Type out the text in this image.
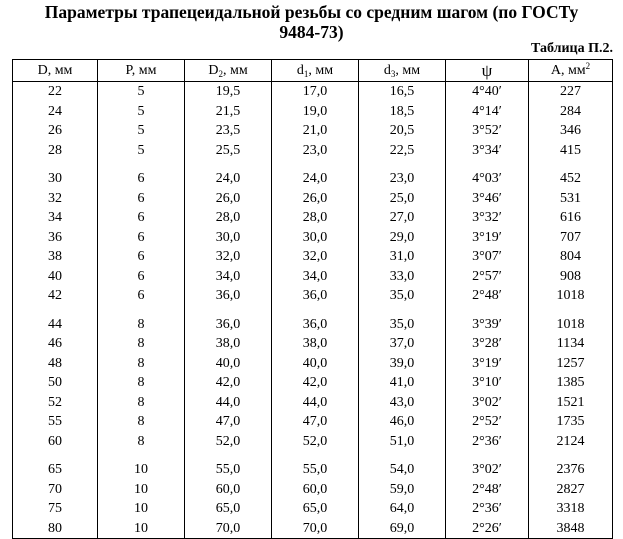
Параметры трапецеидальной резьбы со средним шагом (по ГОСТу
9484-73)
Таблица П.2.
D, мм	P, мм	$D_2$, мм	$d_1$, мм	$d_3$, мм	ψ	A, $мм^2$
22	5	19,5	17,0	16,5	4°40′	227
24	5	21,5	19,0	18,5	4°14′	284
26	5	23,5	21,0	20,5	3°52′	346
28	5	25,5	23,0	22,5	3°34′	415
30	6	24,0	24,0	23,0	4°03′	452
32	6	26,0	26,0	25,0	3°46′	531
34	6	28,0	28,0	27,0	3°32′	616
36	6	30,0	30,0	29,0	3°19′	707
38	6	32,0	32,0	31,0	3°07′	804
40	6	34,0	34,0	33,0	2°57′	908
42	6	36,0	36,0	35,0	2°48′	1018
44	8	36,0	36,0	35,0	3°39′	1018
46	8	38,0	38,0	37,0	3°28′	1134
48	8	40,0	40,0	39,0	3°19′	1257
50	8	42,0	42,0	41,0	3°10′	1385
52	8	44,0	44,0	43,0	3°02′	1521
55	8	47,0	47,0	46,0	2°52′	1735
60	8	52,0	52,0	51,0	2°36′	2124
65	10	55,0	55,0	54,0	3°02′	2376
70	10	60,0	60,0	59,0	2°48′	2827
75	10	65,0	65,0	64,0	2°36′	3318
80	10	70,0	70,0	69,0	2°26′	3848
